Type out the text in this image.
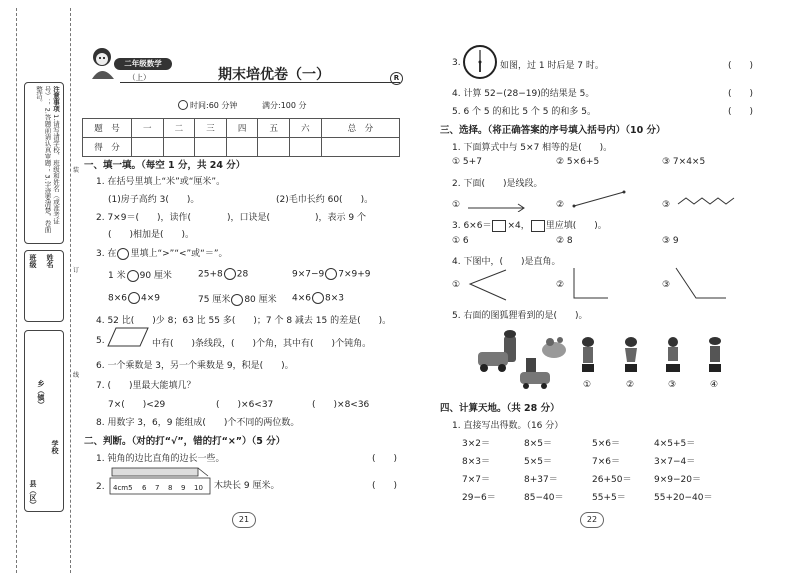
注意事项 1.请写清学校、班级和姓名（或准考证号）； 2.答题前请认真审题； 3.字迹要清楚，卷面整洁。
班级 姓名
县（区）
乡（镇）
学校
装
订
线
二年级数学
（上）	期末培优卷（一）	R
时间:60 分钟	满分:100 分
题　号	一	二	三	四	五	六	总　分
得　分							
一、填一填。（每空 1 分，共 24 分）
1. 在括号里填上“米”或“厘米”。
(1)房子高约 3(　　)。	(2)毛巾长约 60(　　)。
2. 7×9＝(　　)，读作(　　　　)，口诀是(　　　　　)，表示 9 个
(　　)相加是(　　)。
3. 在 里填上“>”“<”或“＝”。
1 米 90 厘米	25+8 28	9×7−9 7×9+9
8×6 4×9	75 厘米 80 厘米 4×6 8×3
4. 52 比(　　)少 8；63 比 55 多(　　)；7 个 8 减去 15 的差是(　　)。
5.	中有(　　)条线段，(　　)个角，其中有(　　)个钝角。
6. 一个乘数是 3，另一个乘数是 9，积是(　　)。
7. (　　)里最大能填几？
7×(　　)<29	(　　)×6<37	(　　)×8<36
8. 用数字 3，6，9 能组成(　　)个不同的两位数。
二、判断。（对的打“√”，错的打“×”）（5 分）
1. 钝角的边比直角的边长一些。	(　　)
2. 4cm5 6 7 8 9 10 木块长 9 厘米。	(　　)
21
3.	如图，过 1 时后是 7 时。	(　　)
4. 计算 52−(28−19)的结果是 5。	(　　)
5. 6 个 5 的和比 5 个 5 的和多 5。	(　　)
三、选择。（将正确答案的序号填入括号内）（10 分）
1. 下面算式中与 5×7 相等的是(　　)。
① 5+7	② 5×6+5	③ 7×4×5
2. 下面(　　)是线段。
①	②	③
3. 6×6＝ ×4， 里应填(　　)。
① 6	② 8	③ 9
4. 下图中，(　　)是直角。
①	②	③
5. 右面的图狐狸看到的是(　　)。
①	②	③	④
四、计算天地。（共 28 分）
1. 直接写出得数。（16 分）
3×2＝	8×5＝	5×6＝	4×5+5＝
8×3＝	5×5＝	7×6＝	3×7−4＝
7×7＝	8+37＝	26+50＝	9×9−20＝
29−6＝	85−40＝	55+5＝	55+20−40＝
22
